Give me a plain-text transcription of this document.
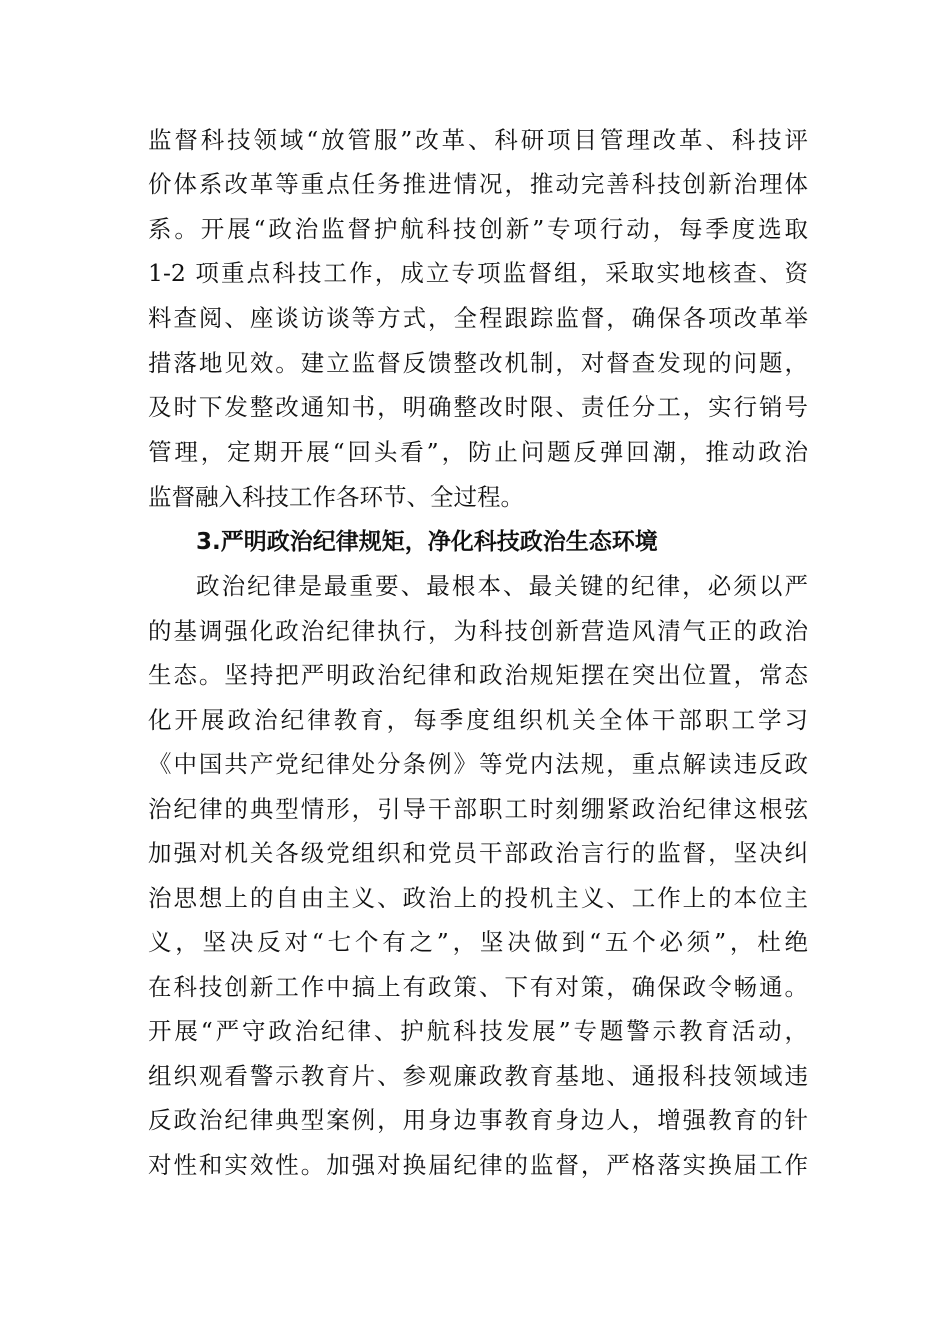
监督科技领域“放管服”改革、科研项目管理改革、科技评
价体系改革等重点任务推进情况，推动完善科技创新治理体
系。开展“政治监督护航科技创新”专项行动，每季度选取
1-2 项重点科技工作，成立专项监督组，采取实地核查、资
料查阅、座谈访谈等方式，全程跟踪监督，确保各项改革举
措落地见效。建立监督反馈整改机制，对督查发现的问题，
及时下发整改通知书，明确整改时限、责任分工，实行销号
管理，定期开展“回头看”，防止问题反弹回潮，推动政治
监督融入科技工作各环节、全过程。
3.严明政治纪律规矩，净化科技政治生态环境
政治纪律是最重要、最根本、最关键的纪律，必须以严
的基调强化政治纪律执行，为科技创新营造风清气正的政治
生态。坚持把严明政治纪律和政治规矩摆在突出位置，常态
化开展政治纪律教育，每季度组织机关全体干部职工学习
《中国共产党纪律处分条例》等党内法规，重点解读违反政
治纪律的典型情形，引导干部职工时刻绷紧政治纪律这根弦
加强对机关各级党组织和党员干部政治言行的监督，坚决纠
治思想上的自由主义、政治上的投机主义、工作上的本位主
义，坚决反对“七个有之”，坚决做到“五个必须”，杜绝
在科技创新工作中搞上有政策、下有对策，确保政令畅通。
开展“严守政治纪律、护航科技发展”专题警示教育活动，
组织观看警示教育片、参观廉政教育基地、通报科技领域违
反政治纪律典型案例，用身边事教育身边人，增强教育的针
对性和实效性。加强对换届纪律的监督，严格落实换届工作
